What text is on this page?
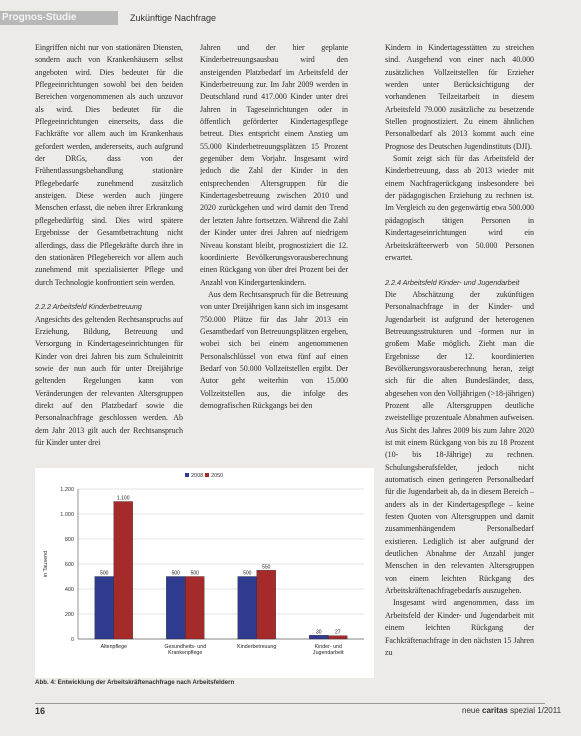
Prognos-Studie	Zukünftige Nachfrage

Eingriffen nicht nur von stationären Diensten, sondern auch von Krankenhäusern selbst angeboten wird. Dies bedeutet für die Pflegeeinrichtungen sowohl bei den beiden Bereichen vorgenommenen als auch unzuvor als wird. Dies bedeutet für die Pflegeeinrichtungen einerseits, dass die Fachkräfte vor allem auch im Krankenhaus gefordert werden, andererseits, auch aufgrund der DRGs, dass von der Frühentlassungsbehandlung stationäre Pflegebedarfe zunehmend zusätzlich ansteigen. Diese werden auch jüngere Menschen erfasst, die neben ihrer Erkrankung pflegebedürftig sind. Dies wird spätere Ergebnisse der Gesamtbetrachtung nicht allerdings, dass die Pflegekräfte durch ihre in den stationären Pflegebereich vor allem auch zunehmend mit spezialisierter Pflege und durch Technologie konfrontiert sein werden.

2.2.2 Arbeitsfeld Kinderbetreuung

Angesichts des geltenden Rechtsanspruchs auf Erziehung, Bildung, Betreuung und Versorgung in Kindertageseinrichtungen für Kinder von drei Jahren bis zum Schuleintritt sowie der nun auch für unter Dreijährige geltenden Regelungen kann von Veränderungen der relevanten Altersgruppen direkt auf den Platzbedarf sowie die Personalnachfrage geschlossen werden. Ab dem Jahr 2013 gilt auch der Rechtsanspruch für Kinder unter drei

Jahren und der hier geplante Kinderbetreuungsausbau wird den ansteigenden Platzbedarf im Arbeitsfeld der Kinderbetreuung zur. Im Jahr 2009 werden in Deutschland rund 417.000 Kinder unter drei Jahren in Tageseinrichtungen oder in öffentlich geförderter Kindertagespflege betreut. Dies entspricht einem Anstieg um 55.000 Kinderbetreuungsplätzen 15 Prozent gegenüber dem Vorjahr. Insgesamt wird jedoch die Zahl der Kinder in den entsprechenden Altersgruppen für die Kindertagesbetreuung zwischen 2010 und 2020 zurückgehen und wird damit den Trend der letzten Jahre fortsetzen. Während die Zahl der Kinder unter drei Jahren auf niedrigem Niveau konstant bleibt, prognostiziert die 12. koordinierte Bevölkerungsvorausberechnung einen Rückgang von über drei Prozent bei der Anzahl von Kindergartenkindern.

Aus dem Rechtsanspruch für die Betreuung von unter Dreijährigen kann sich im insgesamt 750.000 Plätze für das Jahr 2013 ein Gesamtbedarf von Betreuungsplätzen ergeben, wobei sich bei einem angenommenen Personalschlüssel von etwa fünf auf einen Bedarf von 50.000 Vollzeitstellen ergibt. Der Autor geht weiterhin von 15.000 Vollzeitstellen aus, die infolge des demografischen Rückgangs bei den

Kindern in Kindertagesstätten zu streichen sind. Ausgehend von einer nach 40.000 zusätzlichen Vollzeitstellen für Erzieher werden unter Berücksichtigung der vorhandenen Teilzeitarbeit in diesem Arbeitsfeld 79.000 zusätzliche zu besetzende Stellen prognostiziert. Zu einem ähnlichen Personalbedarf als 2013 kommt auch eine Prognose des Deutschen Jugendinstituts (DJI).

Somit zeigt sich für das Arbeitsfeld der Kinderbetreuung, dass ab 2013 wieder mit einem Nachfragerückgang insbesondere bei der pädagogischen Erziehung zu rechnen ist. Im Vergleich zu den gegenwärtig etwa 500.000 pädagogisch tätigen Personen in Kindertageseinrichtungen wird ein Arbeitskräfteerwerb von 50.000 Personen erwartet.

2.2.4 Arbeitsfeld Kinder- und Jugendarbeit

Die Abschätzung der zukünftigen Personalnachfrage in der Kinder- und Jugendarbeit ist aufgrund der heterogenen Betreuungsstrukturen und -formen nur in großem Maße möglich. Zieht man die Ergebnisse der 12. koordinierten Bevölkerungsvorausberechnung heran, zeigt sich für die alten Bundesländer, dass, abgesehen von den Volljährigen (>18-jährigen) Prozent alle Altersgruppen deutliche zweistellige prozentuale Abnahmen aufweisen. Aus Sicht des Jahres 2009 bis zum Jahre 2020 ist mit einem Rückgang von bis zu 18 Prozent (10- bis 18-Jährige) zu rechnen. Schulungsberufsfelder, jedoch nicht automatisch einen geringeren Personalbedarf für die Jugendarbeit ab, da in diesem Bereich – anders als in der Kindertagespflege – keine festen Quoten von Altersgruppen und damit zusammenhängendem Personalbedarf existieren. Lediglich ist aber aufgrund der deutlichen Abnahme der Anzahl junger Menschen in den relevanten Altersgruppen von einem leichten Rückgang des Arbeitskräftenachfragebedarfs auszugehen.

Insgesamt wird angenommen, dass im Arbeitsfeld der Kinder- und Jugendarbeit mit einem leichten Rückgang der Fachkräftenachfrage in den nächsten 15 Jahren zu

0
200
400
600
800
1.000
1.200
in Tausend
2008 2050
500
1.100
Altenpflege
500 500
Gesundheits- und Krankenpflege
500
550
Kinderbetreuung
30	27
Kinder- und Jugendarbeit
Abb. 4: Entwicklung der Arbeitskräftenachfrage nach Arbeitsfeldern
16	neue caritas spezial 1/2011
